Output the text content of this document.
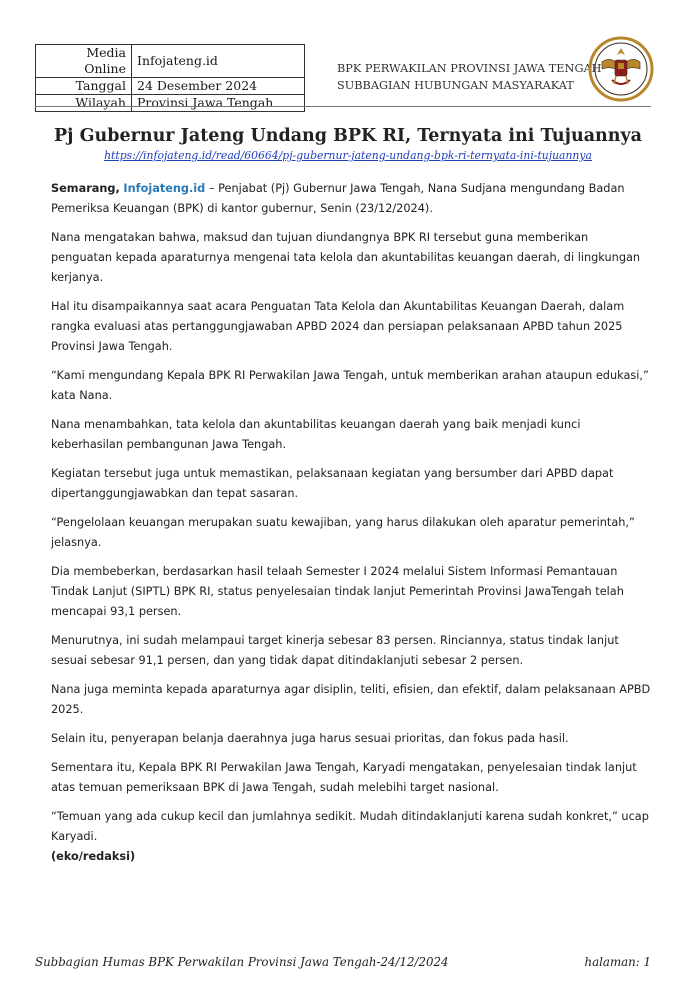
Media Online	Infojateng.id
Tanggal	24 Desember 2024
Wilayah	Provinsi Jawa Tengah
BPK PERWAKILAN PROVINSI JAWA TENGAH
SUBBAGIAN HUBUNGAN MASYARAKAT
Pj Gubernur Jateng Undang BPK RI, Ternyata ini Tujuannya
https://infojateng.id/read/60664/pj-gubernur-jateng-undang-bpk-ri-ternyata-ini-tujuannya

Semarang, Infojateng.id – Penjabat (Pj) Gubernur Jawa Tengah, Nana Sudjana mengundang Badan Pemeriksa Keuangan (BPK) di kantor gubernur, Senin (23/12/2024).

Nana mengatakan bahwa, maksud dan tujuan diundangnya BPK RI tersebut guna memberikan penguatan kepada aparaturnya mengenai tata kelola dan akuntabilitas keuangan daerah, di lingkungan kerjanya.

Hal itu disampaikannya saat acara Penguatan Tata Kelola dan Akuntabilitas Keuangan Daerah, dalam rangka evaluasi atas pertanggungjawaban APBD 2024 dan persiapan pelaksanaan APBD tahun 2025 Provinsi Jawa Tengah.

“Kami mengundang Kepala BPK RI Perwakilan Jawa Tengah, untuk memberikan arahan ataupun edukasi,” kata Nana.

Nana menambahkan, tata kelola dan akuntabilitas keuangan daerah yang baik menjadi kunci keberhasilan pembangunan Jawa Tengah.

Kegiatan tersebut juga untuk memastikan, pelaksanaan kegiatan yang bersumber dari APBD dapat dipertanggungjawabkan dan tepat sasaran.

“Pengelolaan keuangan merupakan suatu kewajiban, yang harus dilakukan oleh aparatur pemerintah,” jelasnya.

Dia membeberkan, berdasarkan hasil telaah Semester I 2024 melalui Sistem Informasi Pemantauan Tindak Lanjut (SIPTL) BPK RI, status penyelesaian tindak lanjut Pemerintah Provinsi JawaTengah telah mencapai 93,1 persen.

Menurutnya, ini sudah melampaui target kinerja sebesar 83 persen. Rinciannya, status tindak lanjut sesuai sebesar 91,1 persen, dan yang tidak dapat ditindaklanjuti sebesar 2 persen.

Nana juga meminta kepada aparaturnya agar disiplin, teliti, efisien, dan efektif, dalam pelaksanaan APBD 2025.

Selain itu, penyerapan belanja daerahnya juga harus sesuai prioritas, dan fokus pada hasil.

Sementara itu, Kepala BPK RI Perwakilan Jawa Tengah, Karyadi mengatakan, penyelesaian tindak lanjut atas temuan pemeriksaan BPK di Jawa Tengah, sudah melebihi target nasional.

“Temuan yang ada cukup kecil dan jumlahnya sedikit. Mudah ditindaklanjuti karena sudah konkret,” ucap Karyadi.
(eko/redaksi)

Subbagian Humas BPK Perwakilan Provinsi Jawa Tengah-24/12/2024	halaman: 1
